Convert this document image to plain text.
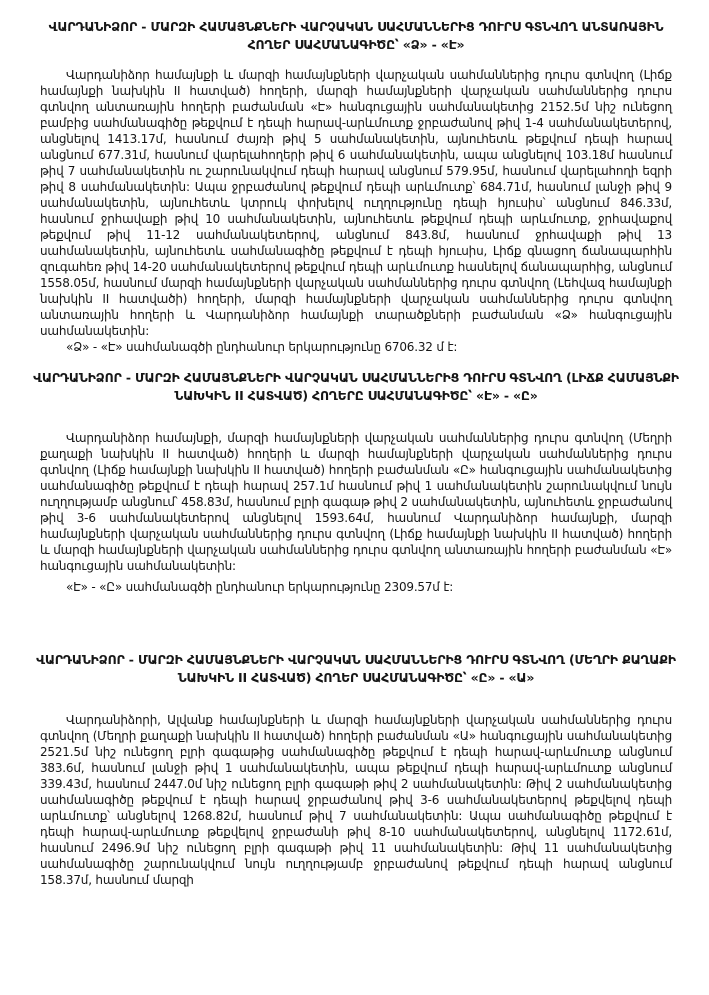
ՎԱՐԴԱՆԻՁՈՐ - ՄԱՐԶԻ ՀԱՄԱՅՆՔՆԵՐԻ ՎԱՐՉԱԿԱՆ ՍԱՀՄԱՆՆԵՐԻՑ ԴՈՒՐՍ ԳՏՆՎՈՂ ԱՆՏԱՌԱՅԻՆ ՀՈՂԵՐ ՍԱՀՄԱՆԱԳԻԾԸ՝ «Ձ» - «Է»

Վարդանիձոր համայնքի և մարզի համայնքների վարչական սահմաններից դուրս գտնվող (Լիճք համայնքի նախկին II հատված) հողերի, մարզի համայնքների վարչական սահմաններից դուրս գտնվող անտառային հողերի բաժանման «Է» հանգուցային սահմանակետից 2152.5մ նիշ ունեցող բամբից սահմանագիծը թեքվում է դեպի հարավ-արևմուտք ջրբաժանով թիվ 1-4 սահմանակետերով, անցնելով 1413.17մ, հասնում ժայռի թիվ 5 սահմանակետին, այնուհետև թեքվում դեպի հարավ անցնում 677.31մ, հասնում վարելահողերի թիվ 6 սահմանակետին, ապա անցնելով 103.18մ հասնում թիվ 7 սահմանակետին ու շարունակվում դեպի հարավ անցնում 579.95մ, հասնում վարելահողի եզրի թիվ 8 սահմանակետին: Ապա ջրբաժանով թեքվում դեպի արևմուտք՝ 684.71մ, հասնում լանջի թիվ 9 սահմանակետին, այնուհետև կտրուկ փոխելով ուղղությունը դեպի հյուսիս՝ անցնում 846.33մ, հասնում ջրհավաքի թիվ 10 սահմանակետին, այնուհետև թեքվում դեպի արևմուտք, ջրհավաքով թեքվում թիվ 11-12 սահմանակետերով, անցնում 843.8մ, հասնում ջրհավաքի թիվ 13 սահմանակետին, այնուհետև սահմանագիծը թեքվում է դեպի հյուսիս, Լիճք գնացող ճանապարհին զուգահեռ թիվ 14-20 սահմանակետերով թեքվում դեպի արևմուտք հասնելով ճանապարհից, անցնում 1558.05մ, հասնում մարզի համայնքների վարչական սահմաններից դուրս գտնվող (Լեհվազ համայնքի նախկին II հատվածի) հողերի, մարզի համայնքների վարչական սահմաններից դուրս գտնվող անտառային հողերի և Վարդանիձոր համայնքի տարածքների բաժանման «Ձ» հանգուցային սահմանակետին:

«Ձ» - «Է» սահմանագծի ընդհանուր երկարությունը 6706.32 մ է:
ՎԱՐԴԱՆԻՁՈՐ - ՄԱՐԶԻ ՀԱՄԱՅՆՔՆԵՐԻ ՎԱՐՉԱԿԱՆ ՍԱՀՄԱՆՆԵՐԻՑ ԴՈՒՐՍ ԳՏՆՎՈՂ (ԼԻՃՔ ՀԱՄԱՅՆՔԻ ՆԱԽԿԻՆ II ՀԱՏՎԱԾ) ՀՈՂԵՐԸ ՍԱՀՄԱՆԱԳԻԾԸ՝ «Է» - «Ը»

Վարդանիձոր համայնքի, մարզի համայնքների վարչական սահմաններից դուրս գտնվող (Մեղրի քաղաքի նախկին II հատված) հողերի և մարզի համայնքների վարչական սահմաններից դուրս գտնվող (Լիճք համայնքի նախկին II հատված) հողերի բաժանման «Ը» հանգուցային սահմանակետից սահմանագիծը թեքվում է դեպի հարավ 257.1մ հասնում թիվ 1 սահմանակետին շարունակվում նույն ուղղությամբ անցնում՝ 458.83մ, հասնում բլրի գագաթ թիվ 2 սահմանակետին, այնուհետև ջրբաժանով թիվ 3-6 սահմանակետերով անցնելով 1593.64մ, հասնում Վարդանիձոր համայնքի, մարզի համայնքների վարչական սահմաններից դուրս գտնվող (Լիճք համայնքի նախկին II հատված) հողերի և մարզի համայնքների վարչական սահմաններից դուրս գտնվող անտառային հողերի բաժանման «Է» հանգուցային սահմանակետին:

«Է» - «Ը» սահմանագծի ընդհանուր երկարությունը 2309.57մ է:
ՎԱՐԴԱՆԻՁՈՐ - ՄԱՐԶԻ ՀԱՄԱՅՆՔՆԵՐԻ ՎԱՐՉԱԿԱՆ ՍԱՀՄԱՆՆԵՐԻՑ ԴՈՒՐՍ ԳՏՆՎՈՂ (ՄԵՂՐԻ ՔԱՂԱՔԻ ՆԱԽԿԻՆ II ՀԱՏՎԱԾ) ՀՈՂԵՐ ՍԱՀՄԱՆԱԳԻԾԸ՝ «Ը» - «Ա»

Վարդանիձորի, Ալվանք համայնքների և մարզի համայնքների վարչական սահմաններից դուրս գտնվող (Մեղրի քաղաքի նախկին II հատված) հողերի բաժանման «Ա» հանգուցային սահմանակետից 2521.5մ նիշ ունեցող բլրի գագաթից սահմանագիծը թեքվում է դեպի հարավ-արևմուտք անցնում 383.6մ, հասնում լանջի թիվ 1 սահմանակետին, ապա թեքվում դեպի հարավ-արևմուտք անցնում 339.43մ, հասնում 2447.0մ նիշ ունեցող բլրի գագաթի թիվ 2 սահմանակետին: Թիվ 2 սահմանակետից սահմանագիծը թեքվում է դեպի հարավ ջրբաժանով թիվ 3-6 սահմանակետերով թեքվելով դեպի արևմուտք՝ անցնելով 1268.82մ, հասնում թիվ 7 սահմանակետին: Ապա սահմանագիծը թեքվում է դեպի հարավ-արևմուտք թեքվելով ջրբաժանի թիվ 8-10 սահմանակետերով, անցնելով 1172.61մ, հասնում 2496.9մ նիշ ունեցող բլրի գագաթի թիվ 11 սահմանակետին: Թիվ 11 սահմանակետից սահմանագիծը շարունակվում նույն ուղղությամբ ջրբաժանով թեքվում դեպի հարավ անցնում 158.37մ, հասնում մարզի
